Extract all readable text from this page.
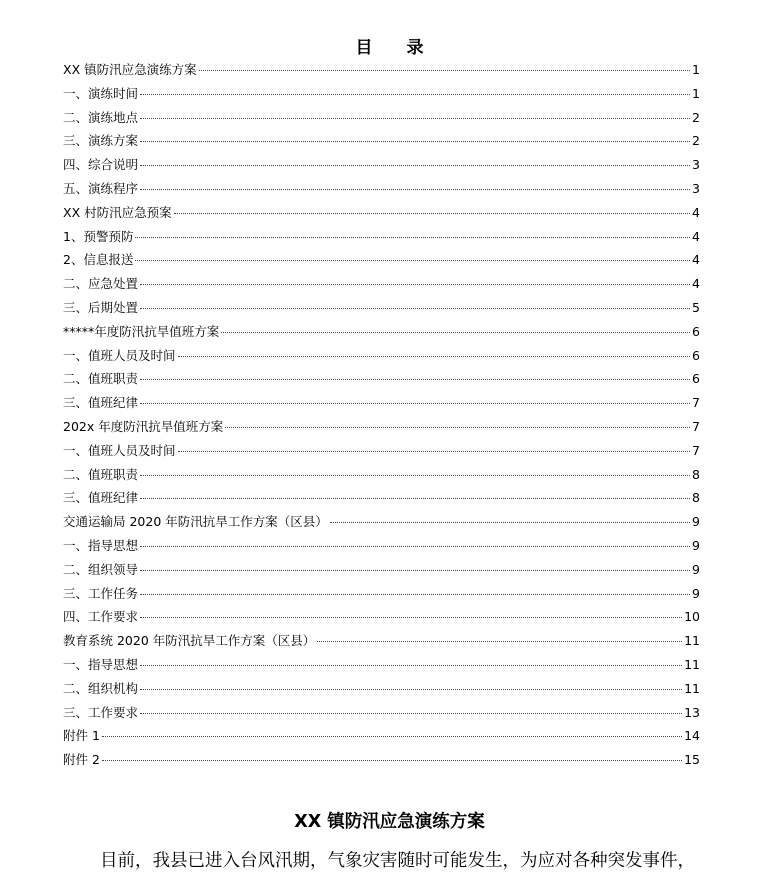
目 录
XX 镇防汛应急演练方案	1
一、演练时间	1
二、演练地点	2
三、演练方案	2
四、综合说明	3
五、演练程序	3
XX 村防汛应急预案	4
1、预警预防	4
2、信息报送	4
二、应急处置	4
三、后期处置	5
*****年度防汛抗旱值班方案	6
一、值班人员及时间	6
二、值班职责	6
三、值班纪律	7
202x 年度防汛抗旱值班方案	7
一、值班人员及时间	7
二、值班职责	8
三、值班纪律	8
交通运输局 2020 年防汛抗旱工作方案（区县）	9
一、指导思想	9
二、组织领导	9
三、工作任务	9
四、工作要求	10
教育系统 2020 年防汛抗旱工作方案（区县）	11
一、指导思想	11
二、组织机构	11
三、工作要求	13
附件 1	14
附件 2	15
XX 镇防汛应急演练方案

目前，我县已进入台风汛期，气象灾害随时可能发生，为应对各种突发事件，
